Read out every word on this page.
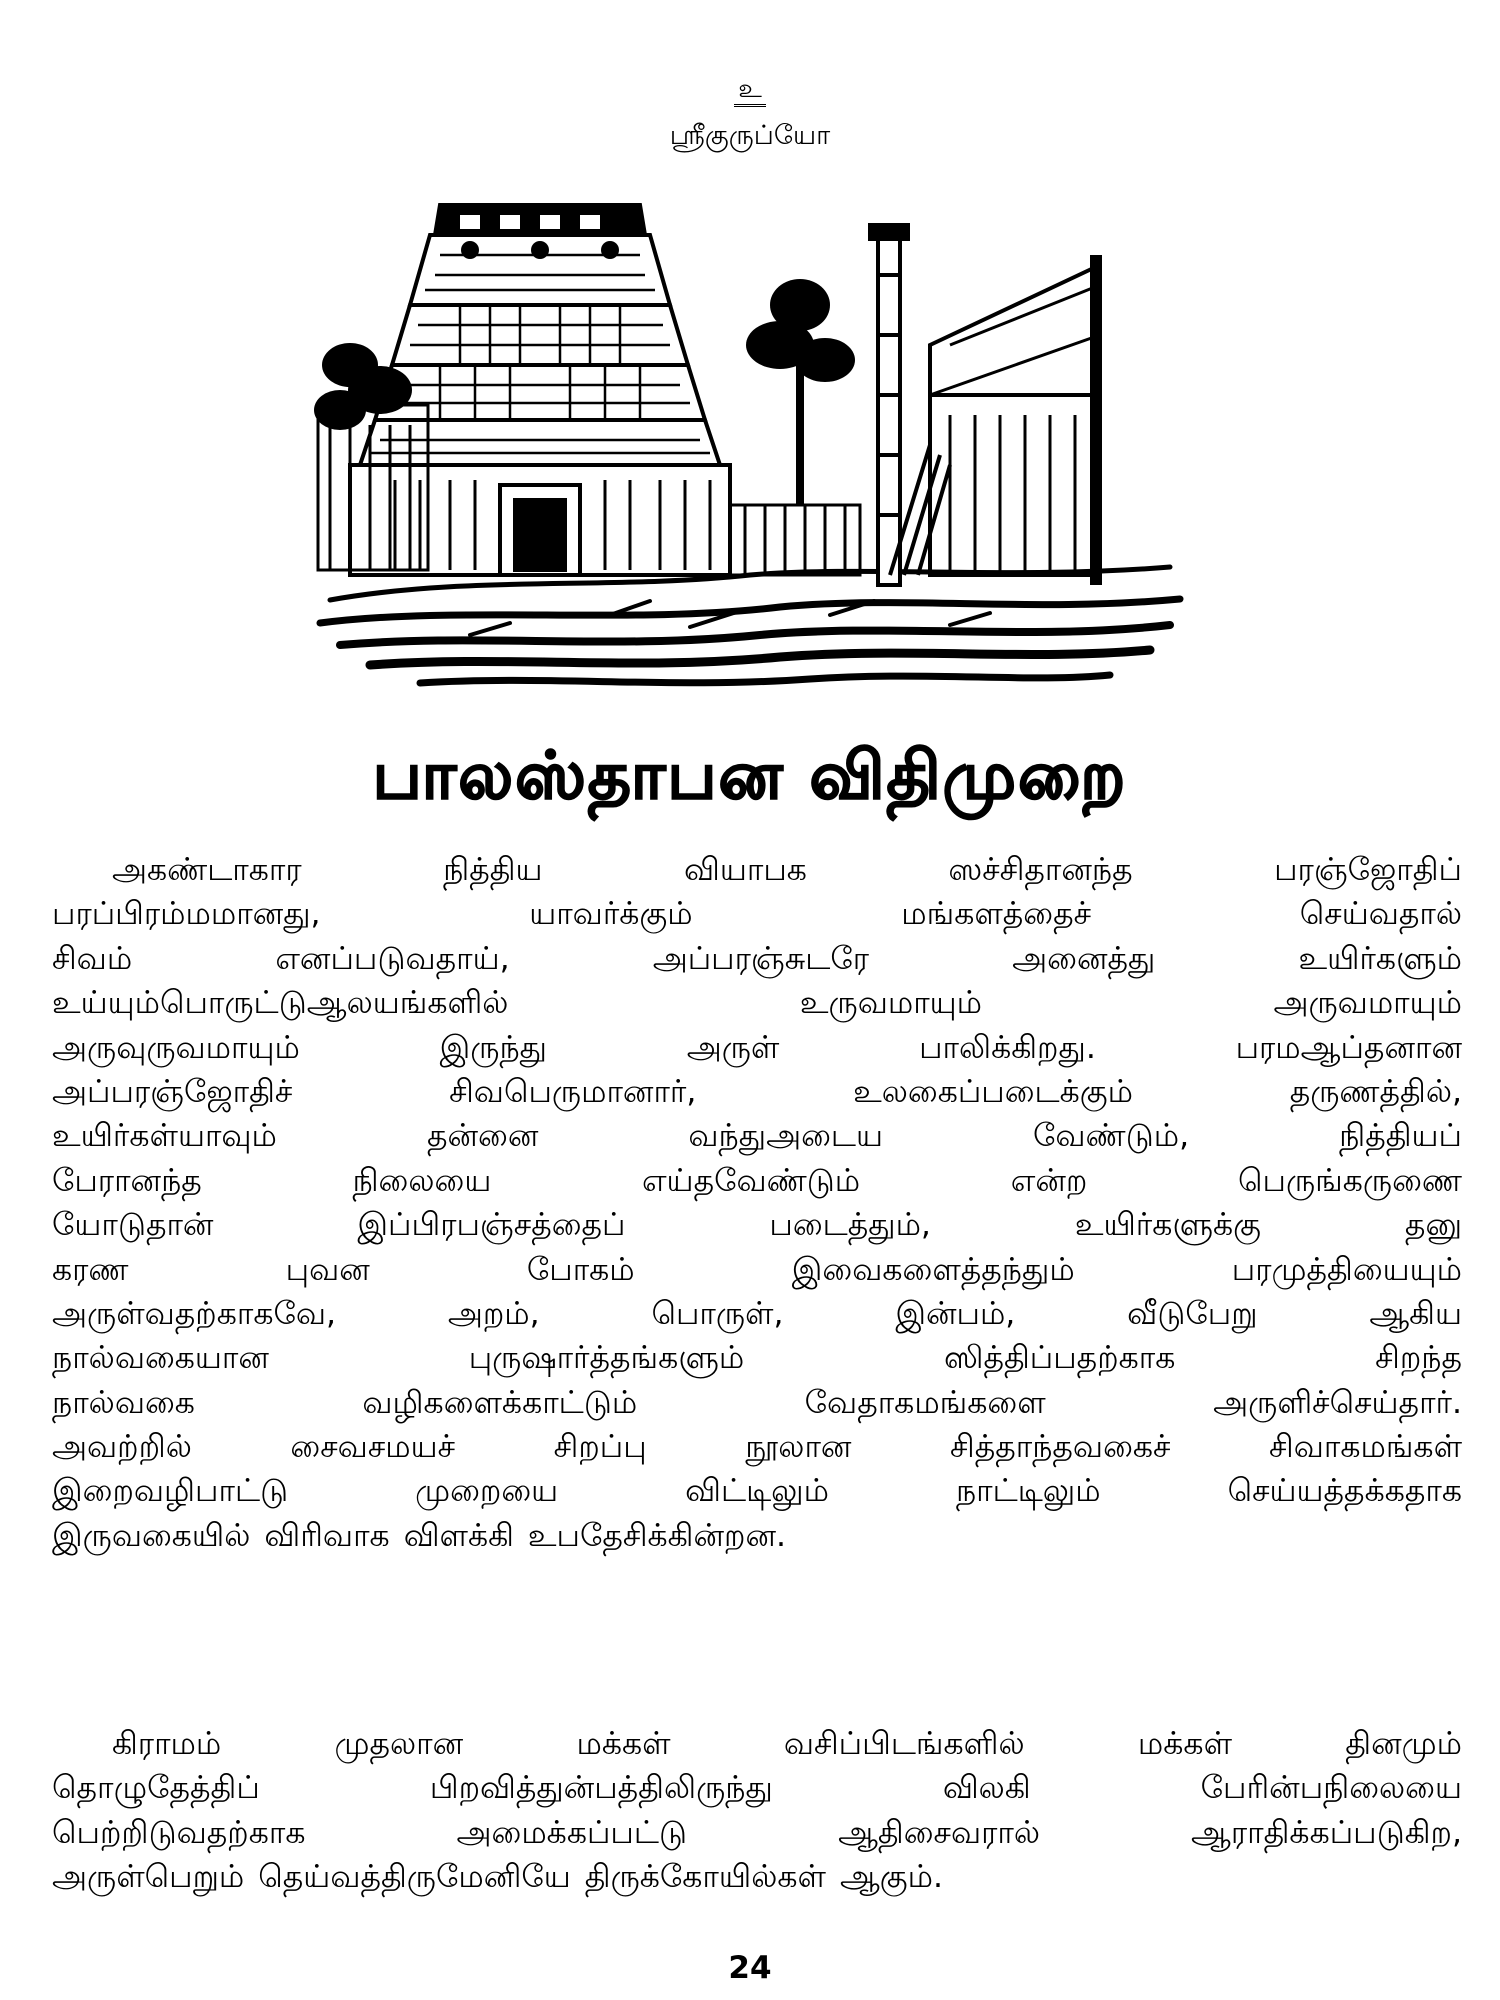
உ
ஸ்ரீகுருப்யோ
பாலஸ்தாபன விதிமுறை
அகண்டாகார நித்திய வியாபக ஸச்சிதானந்த பரஞ்ஜோதிப்
பரப்பிரம்மமானது, யாவர்க்கும் மங்களத்தைச் செய்வதால்
சிவம் எனப்படுவதாய், அப்பரஞ்சுடரே அனைத்து உயிர்களும்
உய்யும்பொருட்டுஆலயங்களில் உருவமாயும் அருவமாயும்
அருவுருவமாயும் இருந்து அருள் பாலிக்கிறது. பரமஆப்தனான
அப்பரஞ்ஜோதிச் சிவபெருமானார், உலகைப்படைக்கும் தருணத்தில்,
உயிர்கள்யாவும் தன்னை வந்துஅடைய வேண்டும், நித்தியப்
பேரானந்த நிலையை எய்தவேண்டும் என்ற பெருங்கருணை
யோடுதான் இப்பிரபஞ்சத்தைப் படைத்தும், உயிர்களுக்கு தனு
கரண புவன போகம் இவைகளைத்தந்தும் பரமுத்தியையும்
அருள்வதற்காகவே, அறம், பொருள், இன்பம், வீடுபேறு ஆகிய
நால்வகையான புருஷார்த்தங்களும் ஸித்திப்பதற்காக சிறந்த
நால்வகை வழிகளைக்காட்டும் வேதாகமங்களை அருளிச்செய்தார்.
அவற்றில் சைவசமயச் சிறப்பு நூலான சித்தாந்தவகைச் சிவாகமங்கள்
இறைவழிபாட்டு முறையை விட்டிலும் நாட்டிலும் செய்யத்தக்கதாக
இருவகையில் விரிவாக விளக்கி உபதேசிக்கின்றன.
கிராமம் முதலான மக்கள் வசிப்பிடங்களில் மக்கள் தினமும்
தொழுதேத்திப் பிறவித்துன்பத்திலிருந்து விலகி பேரின்பநிலையை
பெற்றிடுவதற்காக அமைக்கப்பட்டு ஆதிசைவரால் ஆராதிக்கப்படுகிற,
அருள்பெறும் தெய்வத்திருமேனியே திருக்கோயில்கள் ஆகும்.
24
